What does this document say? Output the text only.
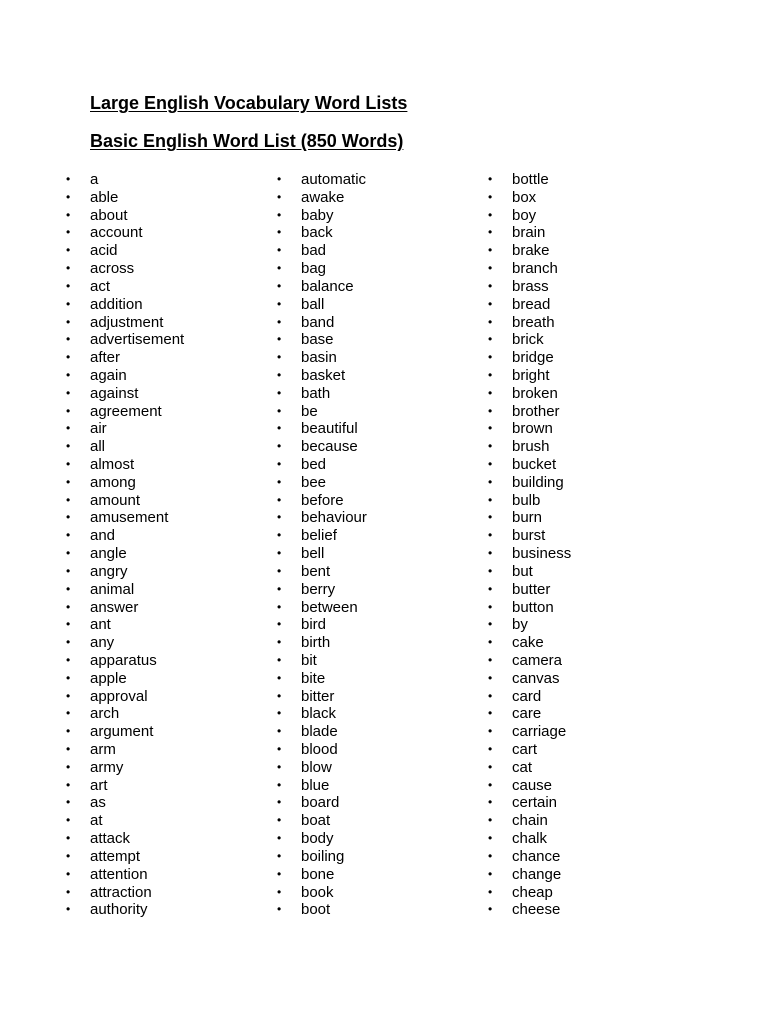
Large English Vocabulary Word Lists
Basic English Word List (850 Words)
•	a
•	able
•	about
•	account
•	acid
•	across
•	act
•	addition
•	adjustment
•	advertisement
•	after
•	again
•	against
•	agreement
•	air
•	all
•	almost
•	among
•	amount
•	amusement
•	and
•	angle
•	angry
•	animal
•	answer
•	ant
•	any
•	apparatus
•	apple
•	approval
•	arch
•	argument
•	arm
•	army
•	art
•	as
•	at
•	attack
•	attempt
•	attention
•	attraction
•	authority
•	automatic
•	awake
•	baby
•	back
•	bad
•	bag
•	balance
•	ball
•	band
•	base
•	basin
•	basket
•	bath
•	be
•	beautiful
•	because
•	bed
•	bee
•	before
•	behaviour
•	belief
•	bell
•	bent
•	berry
•	between
•	bird
•	birth
•	bit
•	bite
•	bitter
•	black
•	blade
•	blood
•	blow
•	blue
•	board
•	boat
•	body
•	boiling
•	bone
•	book
•	boot
•	bottle
•	box
•	boy
•	brain
•	brake
•	branch
•	brass
•	bread
•	breath
•	brick
•	bridge
•	bright
•	broken
•	brother
•	brown
•	brush
•	bucket
•	building
•	bulb
•	burn
•	burst
•	business
•	but
•	butter
•	button
•	by
•	cake
•	camera
•	canvas
•	card
•	care
•	carriage
•	cart
•	cat
•	cause
•	certain
•	chain
•	chalk
•	chance
•	change
•	cheap
•	cheese
